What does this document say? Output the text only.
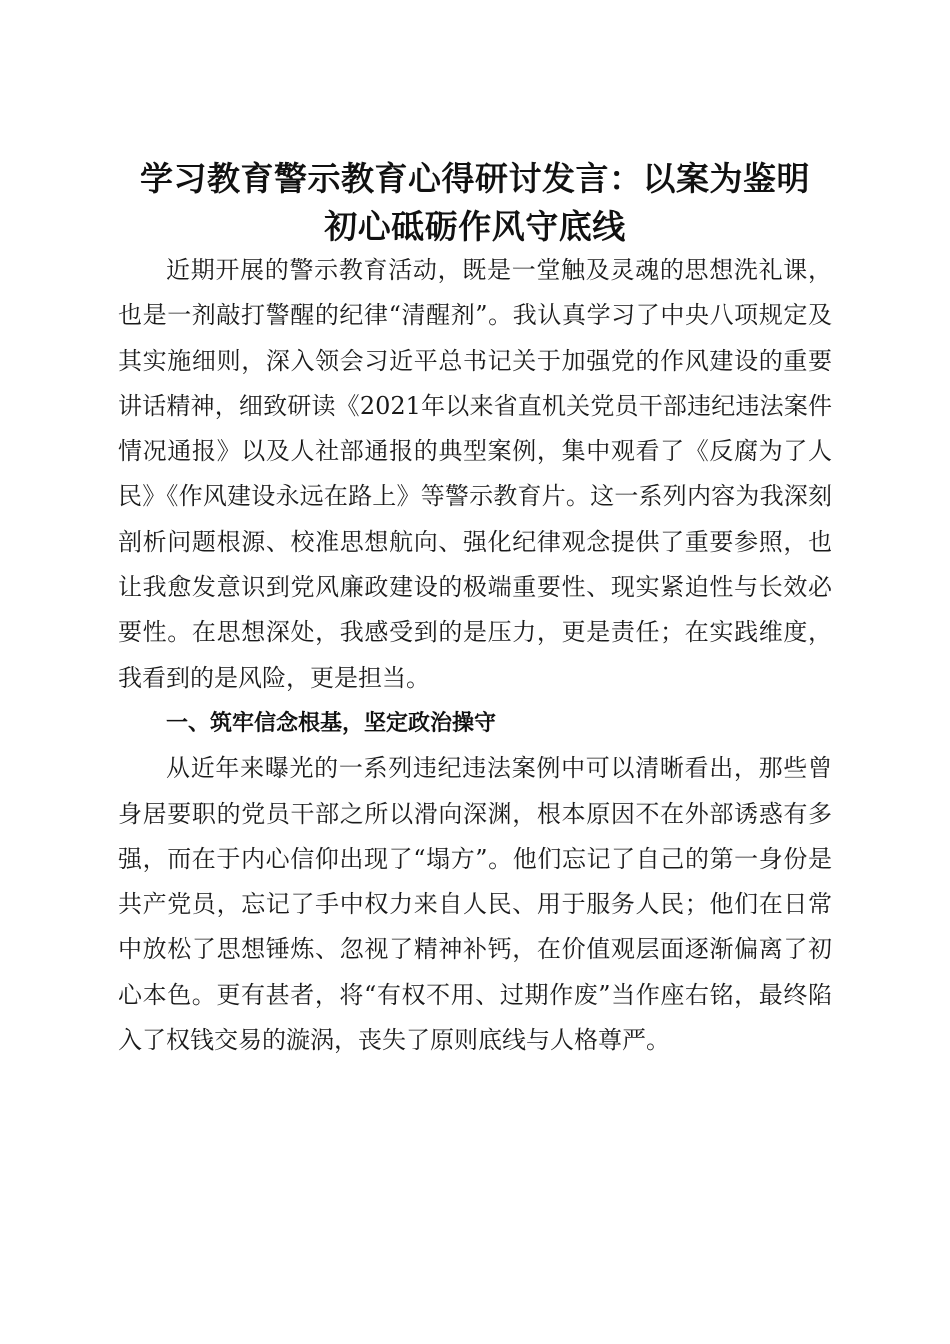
学习教育警示教育心得研讨发言：以案为鉴明
初心砥砺作风守底线

近期开展的警示教育活动，既是一堂触及灵魂的思想洗礼课，也是一剂敲打警醒的纪律“清醒剂”。我认真学习了中央八项规定及其实施细则，深入领会习近平总书记关于加强党的作风建设的重要讲话精神，细致研读《2021年以来省直机关党员干部违纪违法案件情况通报》以及人社部通报的典型案例，集中观看了《反腐为了人民》《作风建设永远在路上》等警示教育片。这一系列内容为我深刻剖析问题根源、校准思想航向、强化纪律观念提供了重要参照，也让我愈发意识到党风廉政建设的极端重要性、现实紧迫性与长效必要性。在思想深处，我感受到的是压力，更是责任；在实践维度，我看到的是风险，更是担当。

一、筑牢信念根基，坚定政治操守

从近年来曝光的一系列违纪违法案例中可以清晰看出，那些曾身居要职的党员干部之所以滑向深渊，根本原因不在外部诱惑有多强，而在于内心信仰出现了“塌方”。他们忘记了自己的第一身份是共产党员，忘记了手中权力来自人民、用于服务人民；他们在日常中放松了思想锤炼、忽视了精神补钙，在价值观层面逐渐偏离了初心本色。更有甚者，将“有权不用、过期作废”当作座右铭，最终陷入了权钱交易的漩涡，丧失了原则底线与人格尊严。
